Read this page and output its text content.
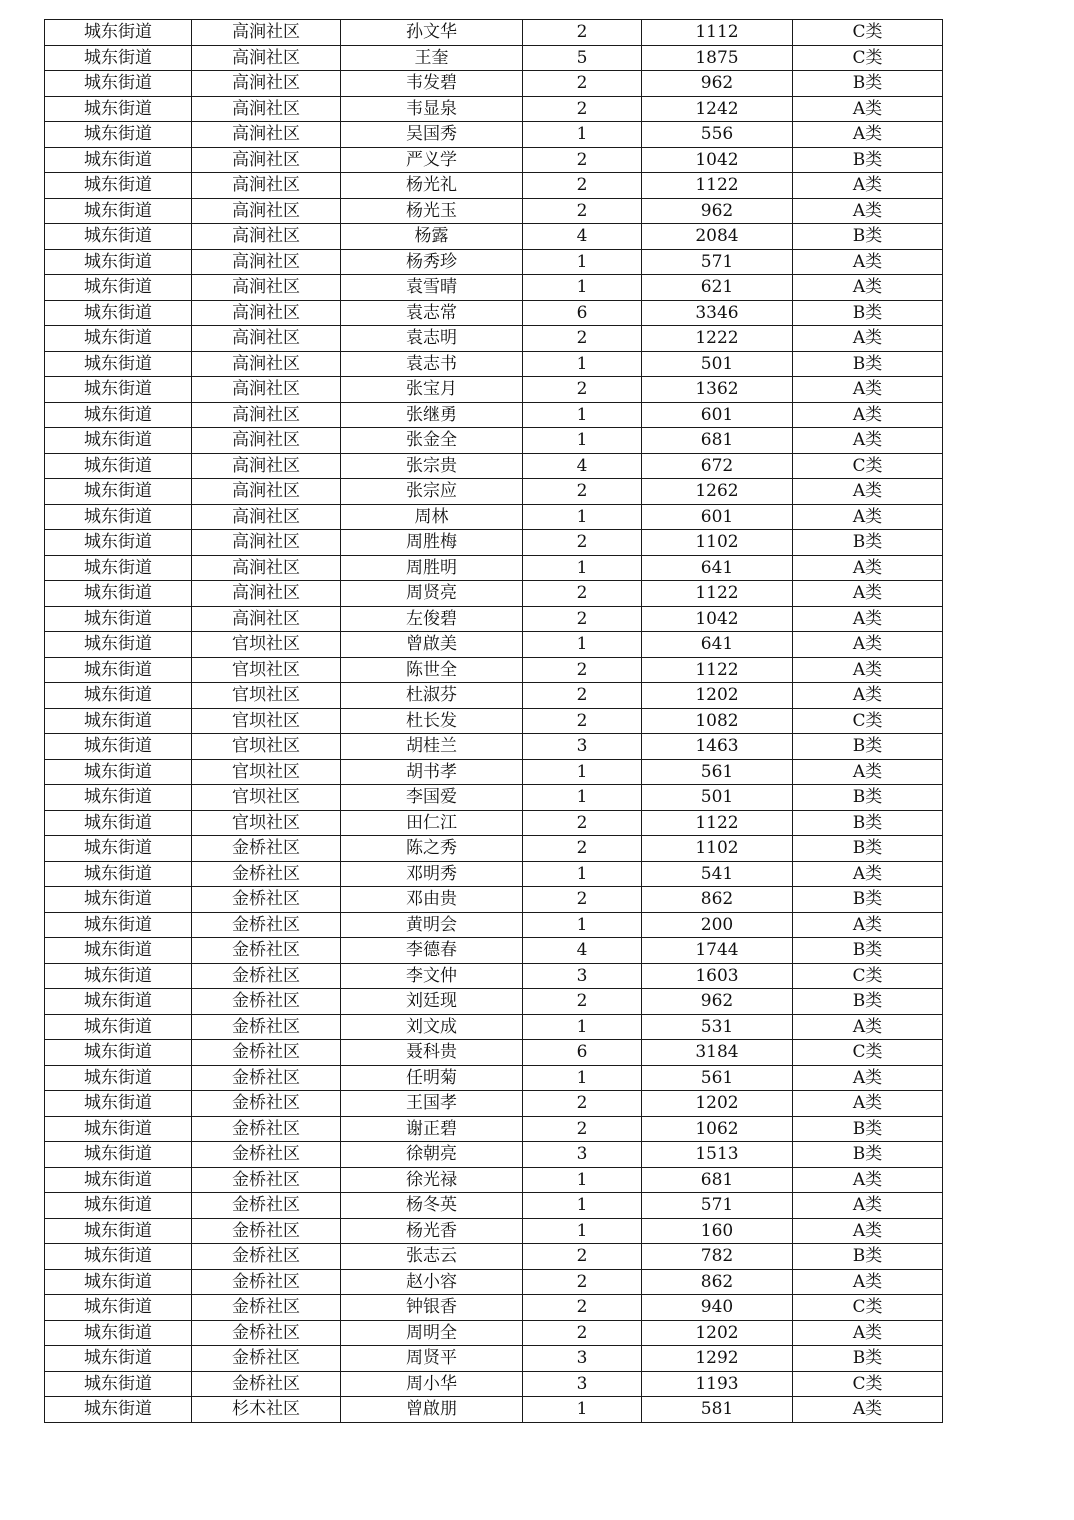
城东街道	高涧社区	孙文华	2	1112	C类
城东街道	高涧社区	王奎	5	1875	C类
城东街道	高涧社区	韦发碧	2	962	B类
城东街道	高涧社区	韦显泉	2	1242	A类
城东街道	高涧社区	吴国秀	1	556	A类
城东街道	高涧社区	严义学	2	1042	B类
城东街道	高涧社区	杨光礼	2	1122	A类
城东街道	高涧社区	杨光玉	2	962	A类
城东街道	高涧社区	杨露	4	2084	B类
城东街道	高涧社区	杨秀珍	1	571	A类
城东街道	高涧社区	袁雪晴	1	621	A类
城东街道	高涧社区	袁志常	6	3346	B类
城东街道	高涧社区	袁志明	2	1222	A类
城东街道	高涧社区	袁志书	1	501	B类
城东街道	高涧社区	张宝月	2	1362	A类
城东街道	高涧社区	张继勇	1	601	A类
城东街道	高涧社区	张金全	1	681	A类
城东街道	高涧社区	张宗贵	4	672	C类
城东街道	高涧社区	张宗应	2	1262	A类
城东街道	高涧社区	周林	1	601	A类
城东街道	高涧社区	周胜梅	2	1102	B类
城东街道	高涧社区	周胜明	1	641	A类
城东街道	高涧社区	周贤亮	2	1122	A类
城东街道	高涧社区	左俊碧	2	1042	A类
城东街道	官坝社区	曾啟美	1	641	A类
城东街道	官坝社区	陈世全	2	1122	A类
城东街道	官坝社区	杜淑芬	2	1202	A类
城东街道	官坝社区	杜长发	2	1082	C类
城东街道	官坝社区	胡桂兰	3	1463	B类
城东街道	官坝社区	胡书孝	1	561	A类
城东街道	官坝社区	李国爱	1	501	B类
城东街道	官坝社区	田仁江	2	1122	B类
城东街道	金桥社区	陈之秀	2	1102	B类
城东街道	金桥社区	邓明秀	1	541	A类
城东街道	金桥社区	邓由贵	2	862	B类
城东街道	金桥社区	黄明会	1	200	A类
城东街道	金桥社区	李德春	4	1744	B类
城东街道	金桥社区	李文仲	3	1603	C类
城东街道	金桥社区	刘廷现	2	962	B类
城东街道	金桥社区	刘文成	1	531	A类
城东街道	金桥社区	聂科贵	6	3184	C类
城东街道	金桥社区	任明菊	1	561	A类
城东街道	金桥社区	王国孝	2	1202	A类
城东街道	金桥社区	谢正碧	2	1062	B类
城东街道	金桥社区	徐朝亮	3	1513	B类
城东街道	金桥社区	徐光禄	1	681	A类
城东街道	金桥社区	杨冬英	1	571	A类
城东街道	金桥社区	杨光香	1	160	A类
城东街道	金桥社区	张志云	2	782	B类
城东街道	金桥社区	赵小容	2	862	A类
城东街道	金桥社区	钟银香	2	940	C类
城东街道	金桥社区	周明全	2	1202	A类
城东街道	金桥社区	周贤平	3	1292	B类
城东街道	金桥社区	周小华	3	1193	C类
城东街道	杉木社区	曾啟朋	1	581	A类
